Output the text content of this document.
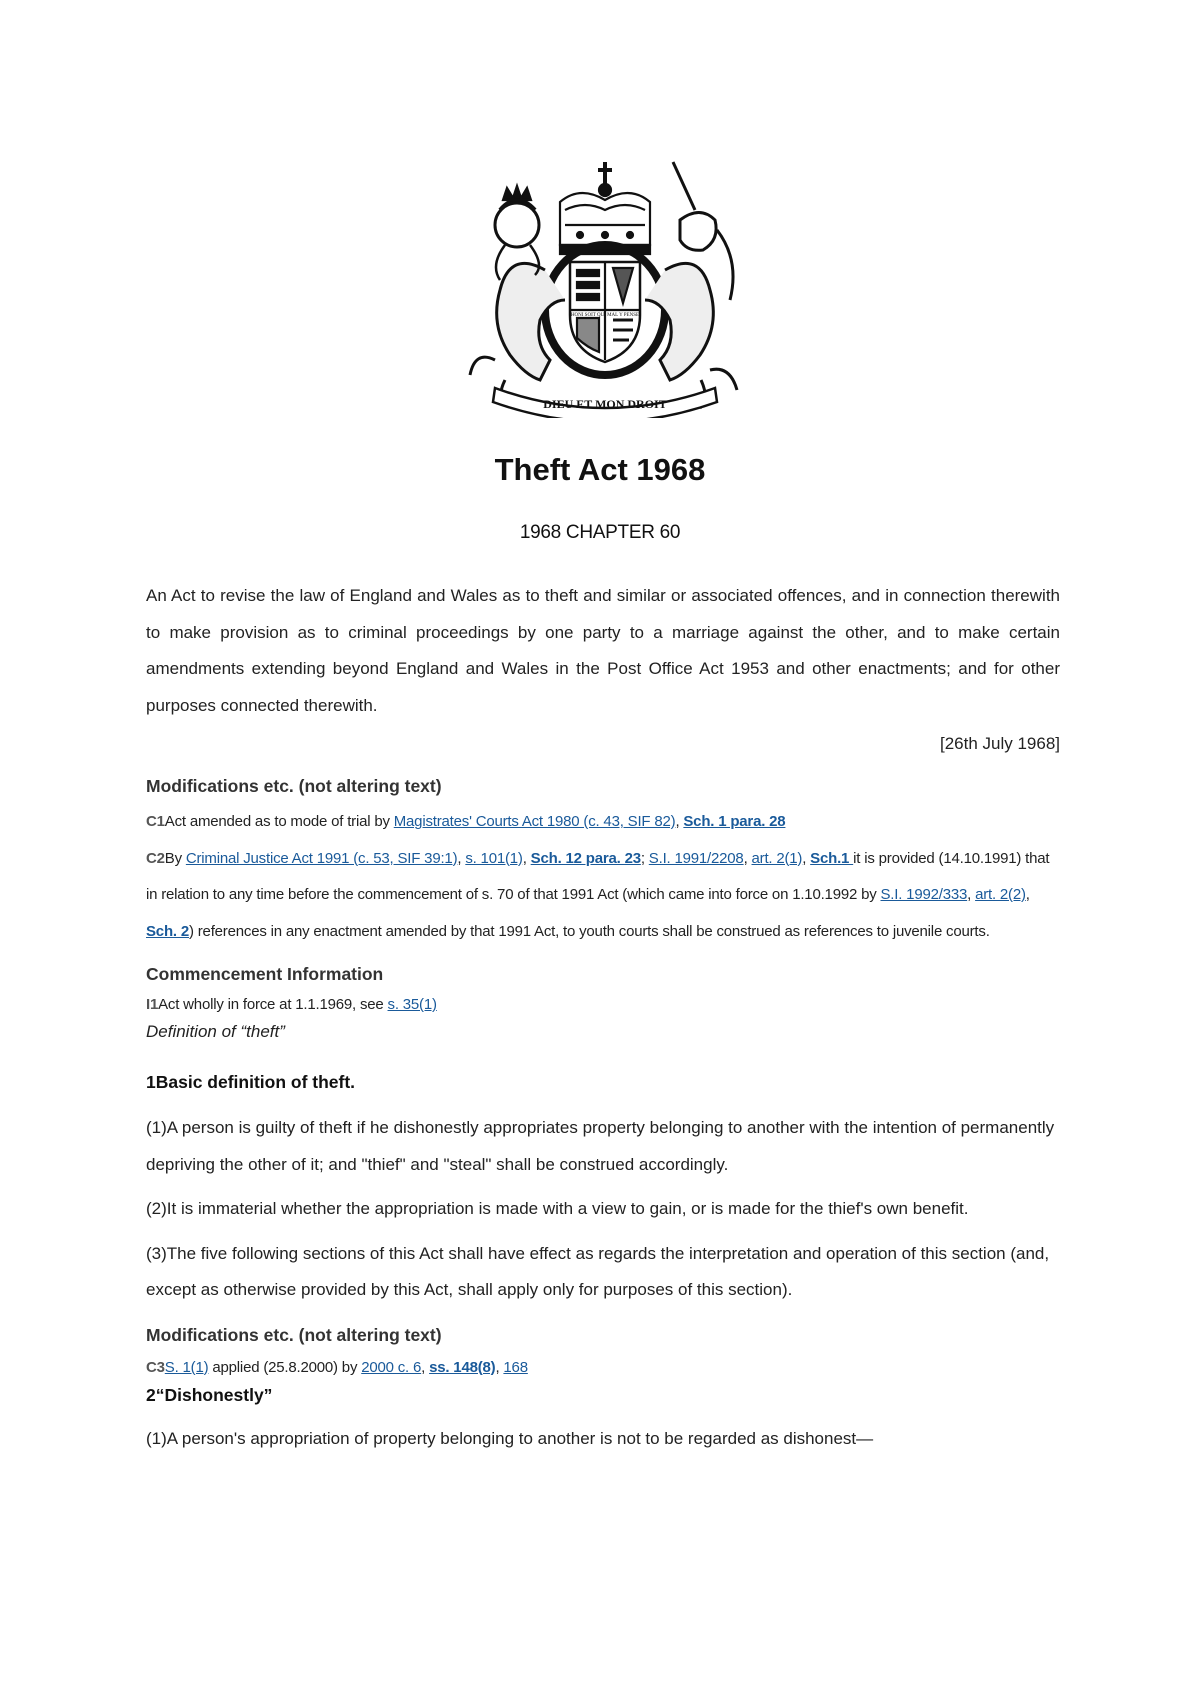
DIEU ET MON DROIT
HONI SOIT QUI MAL Y PENSE
Theft Act 1968

1968 CHAPTER 60

An Act to revise the law of England and Wales as to theft and similar or associated offences, and in connection therewith to make provision as to criminal proceedings by one party to a marriage against the other, and to make certain amendments extending beyond England and Wales in the Post Office Act 1953 and other enactments; and for other purposes connected therewith.

[26th July 1968]

Modifications etc. (not altering text)

C1Act amended as to mode of trial by Magistrates' Courts Act 1980 (c. 43, SIF 82), Sch. 1 para. 28

C2By Criminal Justice Act 1991 (c. 53, SIF 39:1), s. 101(1), Sch. 12 para. 23; S.I. 1991/2208, art. 2(1), Sch.1 it is provided (14.10.1991) that in relation to any time before the commencement of s. 70 of that 1991 Act (which came into force on 1.10.1992 by S.I. 1992/333, art. 2(2), Sch. 2) references in any enactment amended by that 1991 Act, to youth courts shall be construed as references to juvenile courts.

Commencement Information

I1Act wholly in force at 1.1.1969, see s. 35(1)

Definition of “theft”

1Basic definition of theft.

(1)A person is guilty of theft if he dishonestly appropriates property belonging to another with the intention of permanently depriving the other of it; and "thief" and "steal" shall be construed accordingly.

(2)It is immaterial whether the appropriation is made with a view to gain, or is made for the thief's own benefit.

(3)The five following sections of this Act shall have effect as regards the interpretation and operation of this section (and, except as otherwise provided by this Act, shall apply only for purposes of this section).

Modifications etc. (not altering text)

C3S. 1(1) applied (25.8.2000) by 2000 c. 6, ss. 148(8), 168

2“Dishonestly”

(1)A person's appropriation of property belonging to another is not to be regarded as dishonest—
